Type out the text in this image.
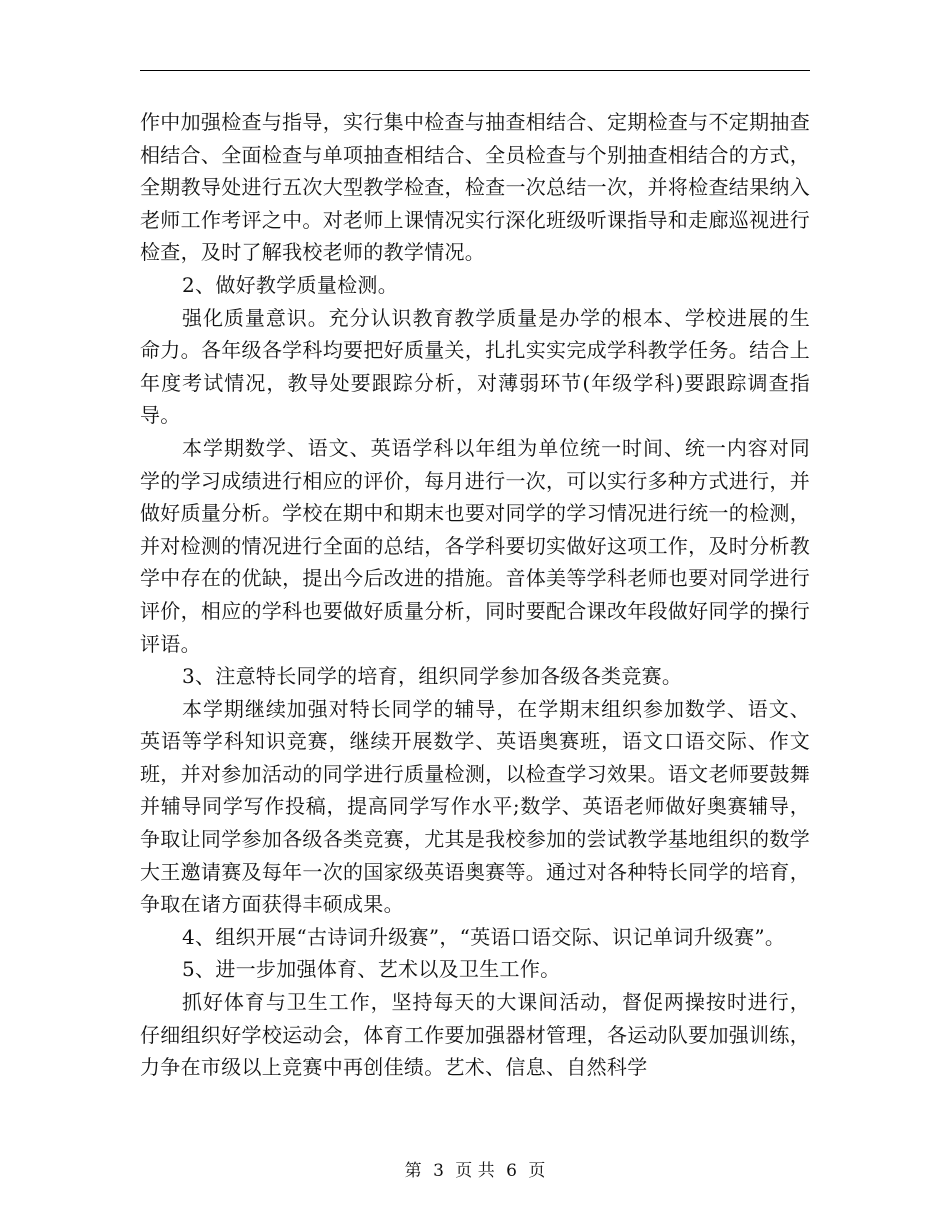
作中加强检查与指导，实行集中检查与抽查相结合、定期检查与不定期抽查相结合、全面检查与单项抽查相结合、全员检查与个别抽查相结合的方式，全期教导处进行五次大型教学检查，检查一次总结一次，并将检查结果纳入老师工作考评之中。对老师上课情况实行深化班级听课指导和走廊巡视进行检查，及时了解我校老师的教学情况。

2、做好教学质量检测。

强化质量意识。充分认识教育教学质量是办学的根本、学校进展的生命力。各年级各学科均要把好质量关，扎扎实实完成学科教学任务。结合上年度考试情况，教导处要跟踪分析，对薄弱环节(年级学科)要跟踪调查指导。

本学期数学、语文、英语学科以年组为单位统一时间、统一内容对同学的学习成绩进行相应的评价，每月进行一次，可以实行多种方式进行，并做好质量分析。学校在期中和期末也要对同学的学习情况进行统一的检测，并对检测的情况进行全面的总结，各学科要切实做好这项工作，及时分析教学中存在的优缺，提出今后改进的措施。音体美等学科老师也要对同学进行评价，相应的学科也要做好质量分析，同时要配合课改年段做好同学的操行评语。

3、注意特长同学的培育，组织同学参加各级各类竞赛。

本学期继续加强对特长同学的辅导，在学期末组织参加数学、语文、英语等学科知识竞赛，继续开展数学、英语奥赛班，语文口语交际、作文班，并对参加活动的同学进行质量检测，以检查学习效果。语文老师要鼓舞并辅导同学写作投稿，提高同学写作水平;数学、英语老师做好奥赛辅导，争取让同学参加各级各类竞赛，尤其是我校参加的尝试教学基地组织的数学大王邀请赛及每年一次的国家级英语奥赛等。通过对各种特长同学的培育，争取在诸方面获得丰硕成果。

4、组织开展“古诗词升级赛”，“英语口语交际、识记单词升级赛”。

5、进一步加强体育、艺术以及卫生工作。

抓好体育与卫生工作，坚持每天的大课间活动，督促两操按时进行，仔细组织好学校运动会，体育工作要加强器材管理，各运动队要加强训练，力争在市级以上竞赛中再创佳绩。艺术、信息、自然科学

第 3 页 共 6 页
